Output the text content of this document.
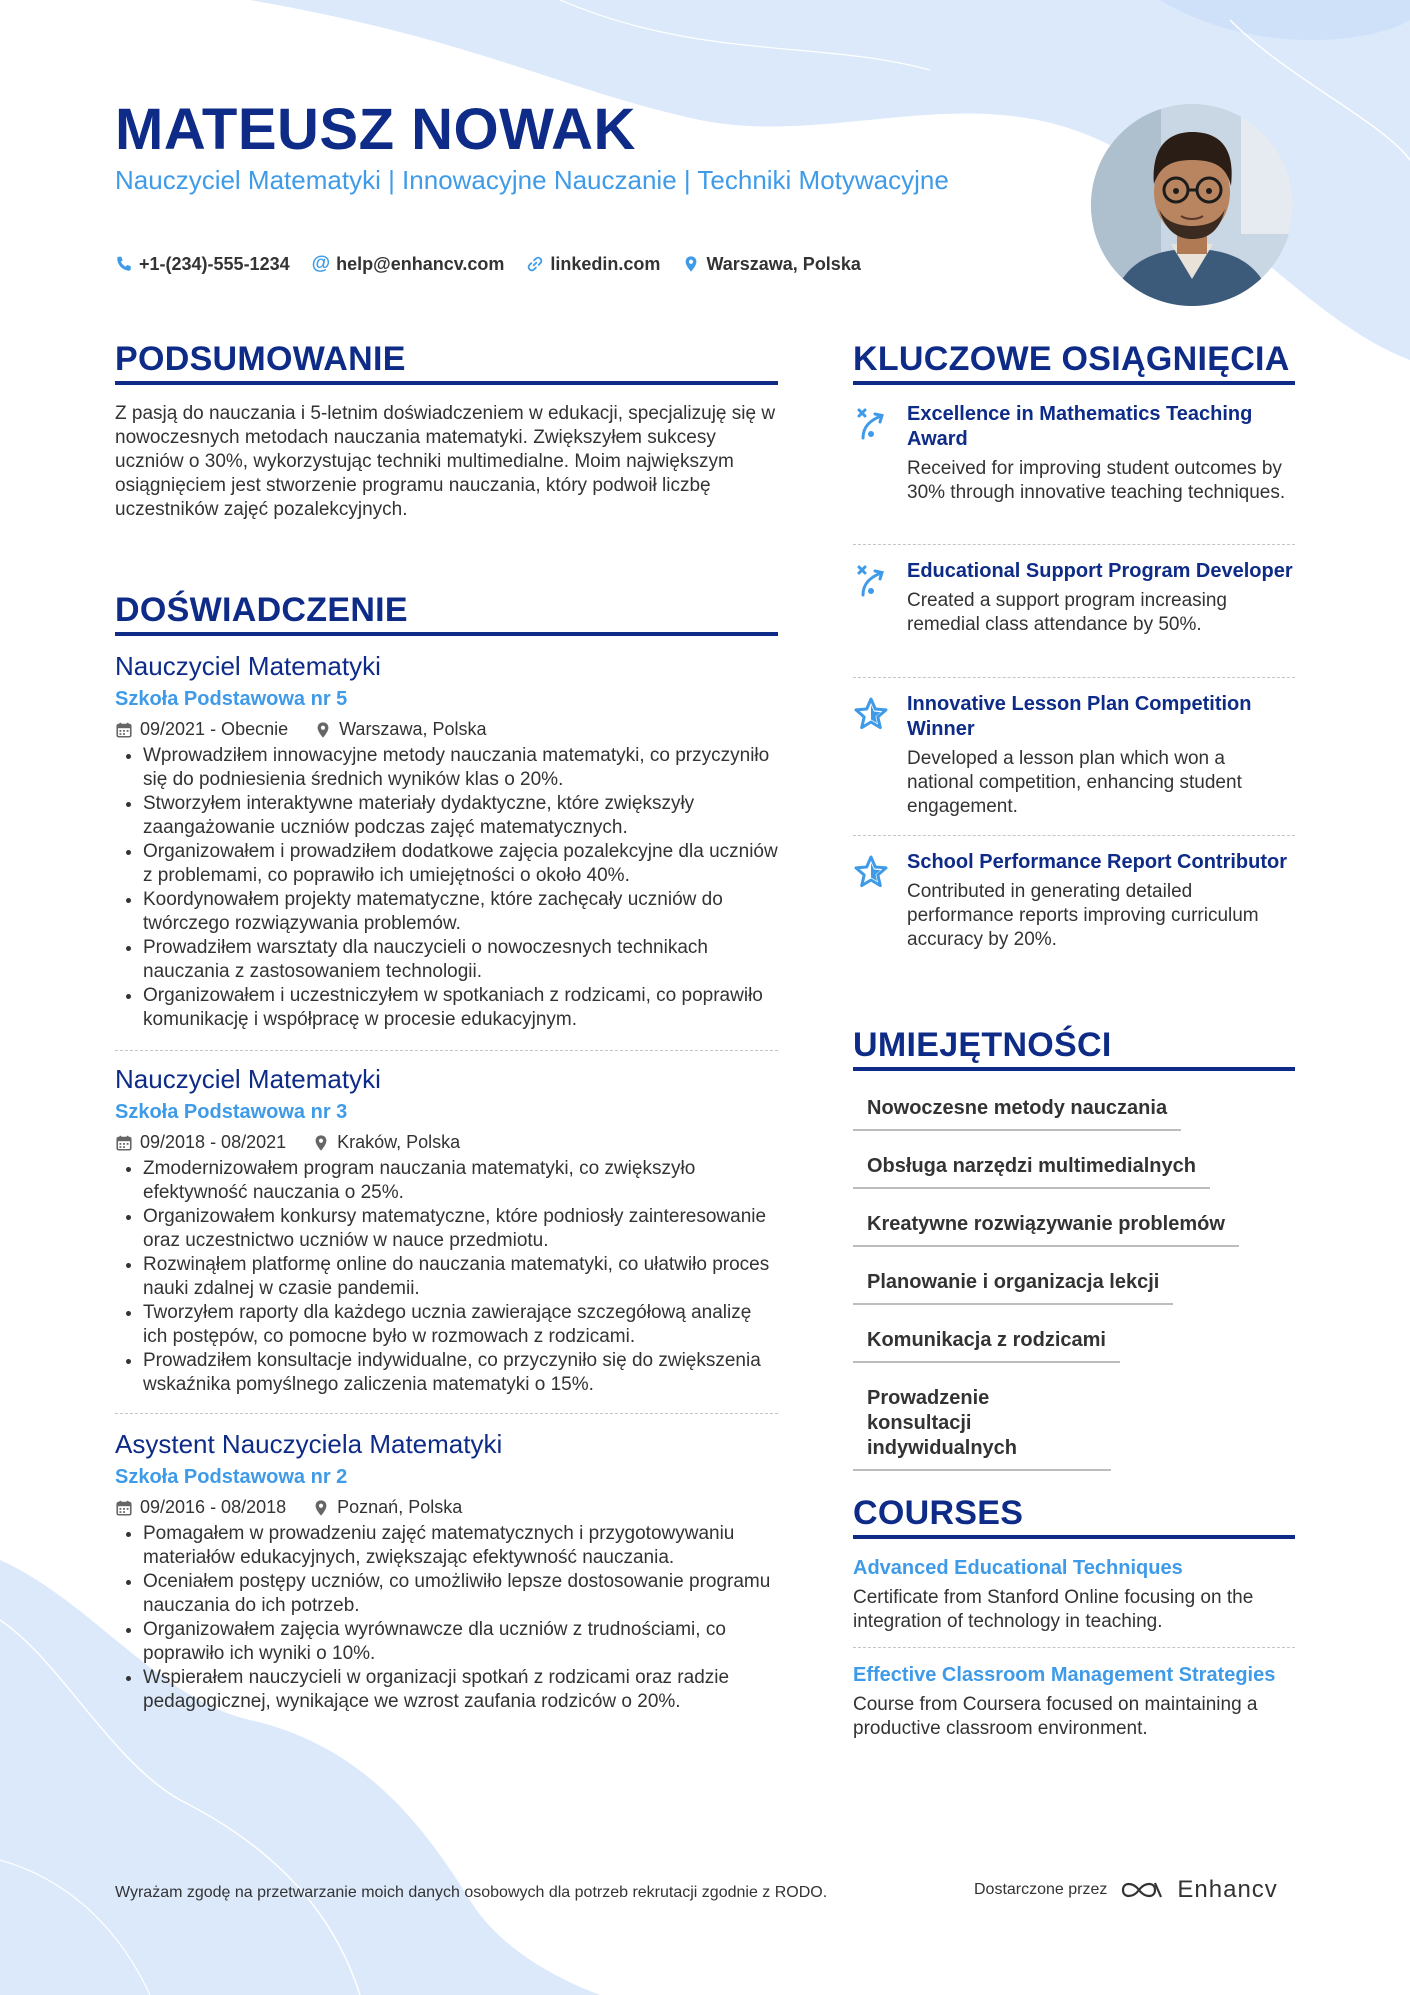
MATEUSZ NOWAK

Nauczyciel Matematyki | Innowacyjne Nauczanie | Techniki Motywacyjne

+1-(234)-555-1234 @ help@enhancv.com	linkedin.com	Warszawa, Polska
PODSUMOWANIE

Z pasją do nauczania i 5-letnim doświadczeniem w edukacji, specjalizuję się w nowoczesnych metodach nauczania matematyki. Zwiększyłem sukcesy uczniów o 30%, wykorzystując techniki multimedialne. Moim największym osiągnięciem jest stworzenie programu nauczania, który podwoił liczbę uczestników zajęć pozalekcyjnych.

DOŚWIADCZENIE
Nauczyciel Matematyki

Szkoła Podstawowa nr 5

09/2021 - Obecnie	Warszawa, Polska
• Wprowadziłem innowacyjne metody nauczania matematyki, co przyczyniło się do podniesienia średnich wyników klas o 20%.
• Stworzyłem interaktywne materiały dydaktyczne, które zwiększyły zaangażowanie uczniów podczas zajęć matematycznych.
• Organizowałem i prowadziłem dodatkowe zajęcia pozalekcyjne dla uczniów z problemami, co poprawiło ich umiejętności o około 40%.
• Koordynowałem projekty matematyczne, które zachęcały uczniów do twórczego rozwiązywania problemów.
• Prowadziłem warsztaty dla nauczycieli o nowoczesnych technikach nauczania z zastosowaniem technologii.
• Organizowałem i uczestniczyłem w spotkaniach z rodzicami, co poprawiło komunikację i współpracę w procesie edukacyjnym.
Nauczyciel Matematyki

Szkoła Podstawowa nr 3

09/2018 - 08/2021	Kraków, Polska
• Zmodernizowałem program nauczania matematyki, co zwiększyło efektywność nauczania o 25%.
• Organizowałem konkursy matematyczne, które podniosły zainteresowanie oraz uczestnictwo uczniów w nauce przedmiotu.
• Rozwinąłem platformę online do nauczania matematyki, co ułatwiło proces nauki zdalnej w czasie pandemii.
• Tworzyłem raporty dla każdego ucznia zawierające szczegółową analizę ich postępów, co pomocne było w rozmowach z rodzicami.
• Prowadziłem konsultacje indywidualne, co przyczyniło się do zwiększenia wskaźnika pomyślnego zaliczenia matematyki o 15%.
Asystent Nauczyciela Matematyki

Szkoła Podstawowa nr 2

09/2016 - 08/2018	Poznań, Polska
• Pomagałem w prowadzeniu zajęć matematycznych i przygotowywaniu materiałów edukacyjnych, zwiększając efektywność nauczania.
• Oceniałem postępy uczniów, co umożliwiło lepsze dostosowanie programu nauczania do ich potrzeb.
• Organizowałem zajęcia wyrównawcze dla uczniów z trudnościami, co poprawiło ich wyniki o 10%.
• Wspierałem nauczycieli w organizacji spotkań z rodzicami oraz radzie pedagogicznej, wynikające we wzrost zaufania rodziców o 20%.
KLUCZOWE OSIĄGNIĘCIA

Excellence in Mathematics Teaching Award

Received for improving student outcomes by 30% through innovative teaching techniques.

Educational Support Program Developer

Created a support program increasing remedial class attendance by 50%.

Innovative Lesson Plan Competition Winner

Developed a lesson plan which won a national competition, enhancing student engagement.

School Performance Report Contributor

Contributed in generating detailed performance reports improving curriculum accuracy by 20%.

UMIEJĘTNOŚCI
Nowoczesne metody nauczania
Obsługa narzędzi multimedialnych
Kreatywne rozwiązywanie problemów
Planowanie i organizacja lekcji
Komunikacja z rodzicami
Prowadzenie konsultacji indywidualnych
COURSES

Advanced Educational Techniques

Certificate from Stanford Online focusing on the integration of technology in teaching.

Effective Classroom Management Strategies

Course from Coursera focused on maintaining a productive classroom environment.

Wyrażam zgodę na przetwarzanie moich danych osobowych dla potrzeb rekrutacji zgodnie z RODO.	Dostarczone przez	Enhancv
